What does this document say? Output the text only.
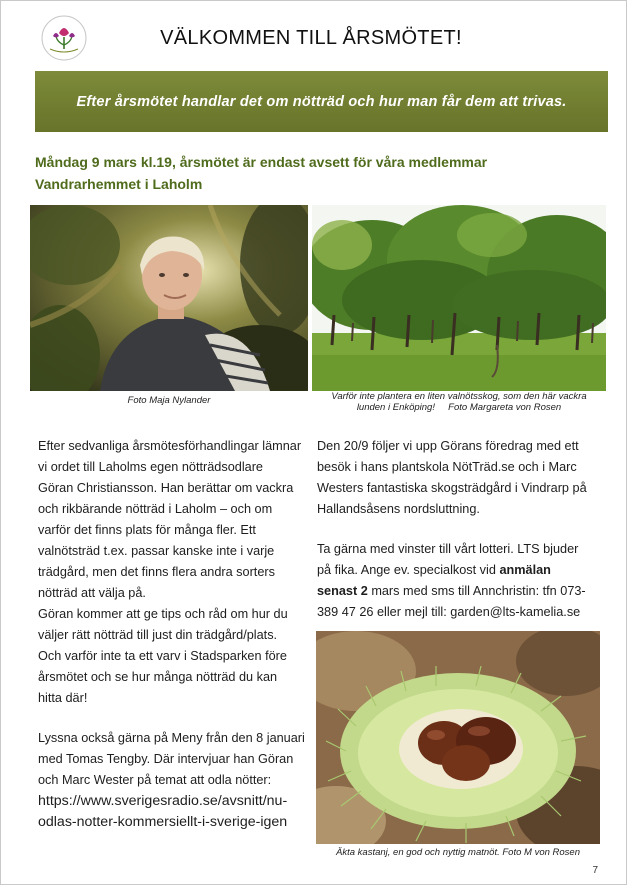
VÄLKOMMEN TILL ÅRSMÖTET!
Efter årsmötet handlar det om nötträd och hur man får dem att trivas.
Måndag 9 mars kl.19, årsmötet är endast avsett för våra medlemmar
Vandrarhemmet i Laholm
Foto Maja Nylander	Varför inte plantera en liten valnötsskog, som den här vackra
lunden i Enköping!     Foto Margareta von Rosen

Efter sedvanliga årsmötesförhandlingar lämnar

vi ordet till Laholms egen nötträdsodlare

Göran Christiansson. Han berättar om vackra

och rikbärande nötträd i Laholm – och om

varför det finns plats för många fler. Ett

valnötsträd t.ex. passar kanske inte i varje

trädgård, men det finns flera andra sorters

nötträd att välja på.

Göran kommer att ge tips och råd om hur du

väljer rätt nötträd till just din trädgård/plats.

Och varför inte ta ett varv i Stadsparken före

årsmötet och se hur många nötträd du kan

hitta där!

Lyssna också gärna på Meny från den 8 januari

med Tomas Tengby. Där intervjuar han Göran

och Marc Wester på temat att odla nötter:

https://www.sverigesradio.se/avsnitt/nu-

odlas-notter-kommersiellt-i-sverige-igen

Den 20/9 följer vi upp Görans föredrag med ett

besök i hans plantskola NötTräd.se och i Marc

Westers fantastiska skogsträdgård i Vindrarp på

Hallandsåsens nordsluttning.

Ta gärna med vinster till vårt lotteri. LTS bjuder

på fika. Ange ev. specialkost vid anmälan

senast 2 mars med sms till Annchristin: tfn 073-

389 47 26 eller mejl till: garden@lts-kamelia.se

Äkta kastanj, en god och nyttig matnöt. Foto M von Rosen
7
